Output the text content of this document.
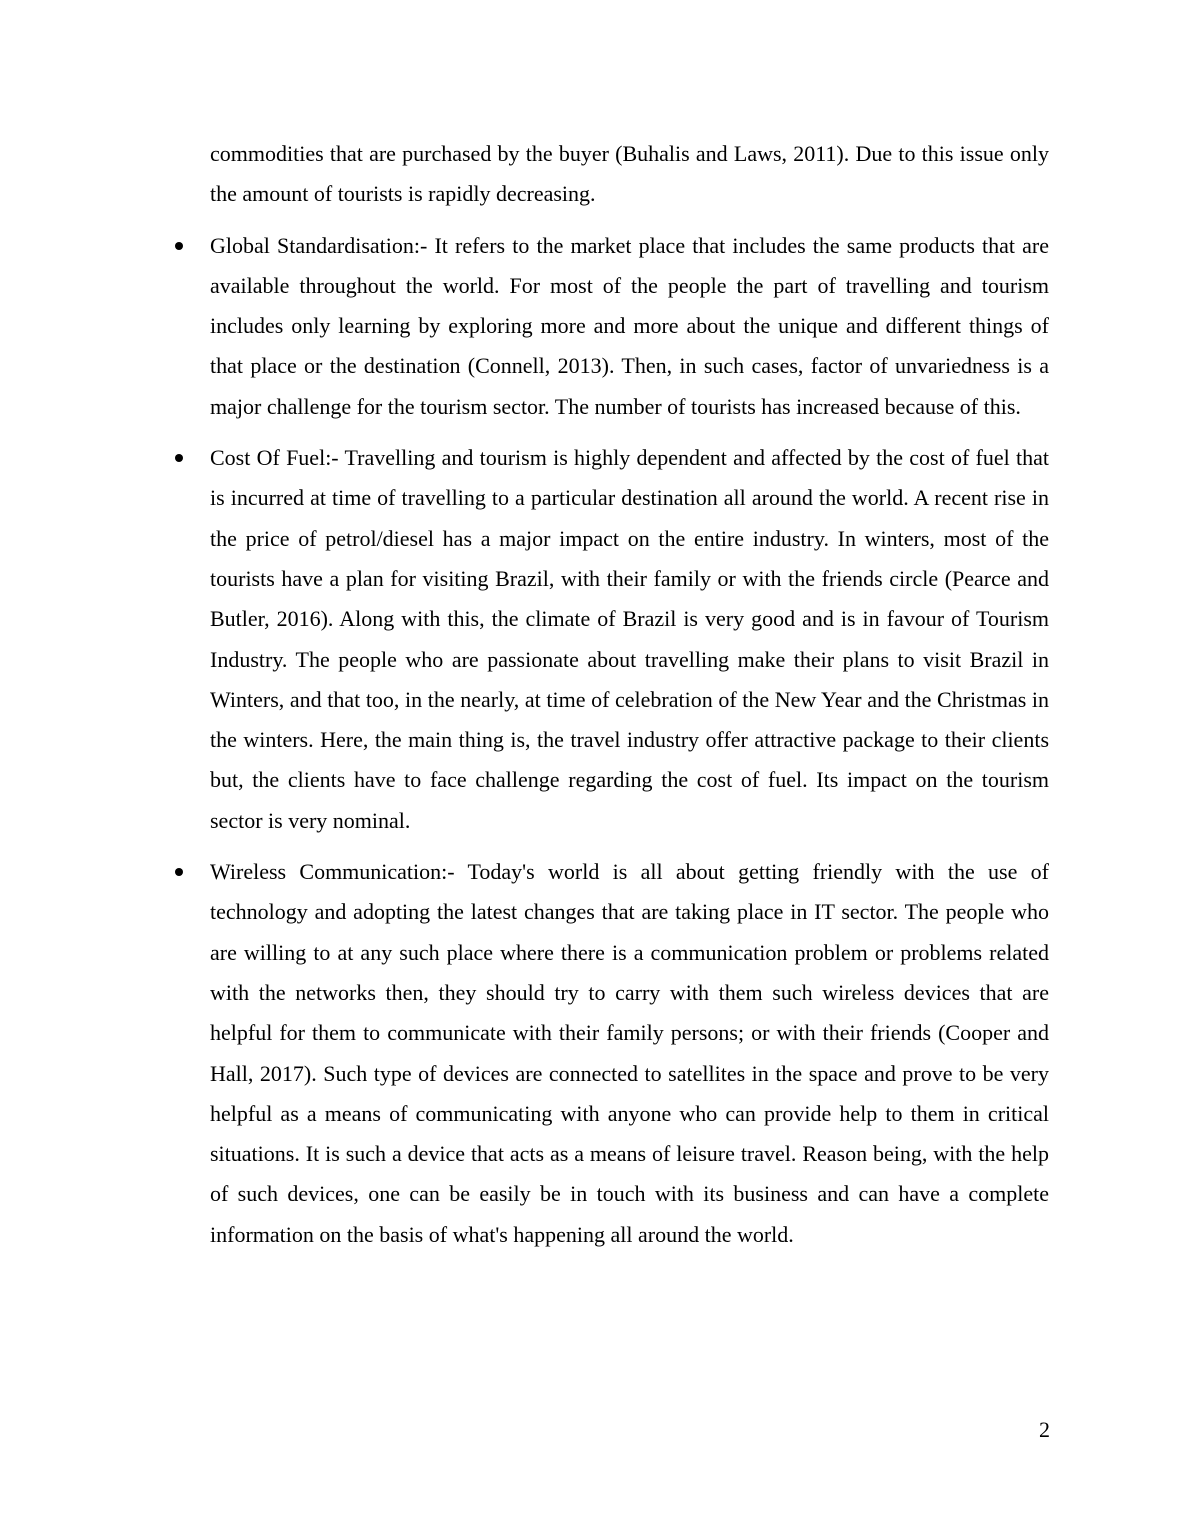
commodities that are purchased by the buyer (Buhalis and Laws, 2011). Due to this issue only the amount of tourists is rapidly decreasing.

Global Standardisation:- It refers to the market place that includes the same products that are available throughout the world. For most of the people the part of travelling and tourism includes only learning by exploring more and more about the unique and different things of that place or the destination (Connell, 2013). Then, in such cases, factor of unvariedness is a major challenge for the tourism sector. The number of tourists has increased because of this.
Cost Of Fuel:- Travelling and tourism is highly dependent and affected by the cost of fuel that is incurred at time of travelling to a particular destination all around the world. A recent rise in the price of petrol/diesel has a major impact on the entire industry. In winters, most of the tourists have a plan for visiting Brazil, with their family or with the friends circle (Pearce and Butler, 2016). Along with this, the climate of Brazil is very good and is in favour of Tourism Industry. The people who are passionate about travelling make their plans to visit Brazil in Winters, and that too, in the nearly, at time of celebration of the New Year and the Christmas in the winters. Here, the main thing is, the travel industry offer attractive package to their clients but, the clients have to face challenge regarding the cost of fuel. Its impact on the tourism sector is very nominal.
Wireless Communication:- Today's world is all about getting friendly with the use of technology and adopting the latest changes that are taking place in IT sector. The people who are willing to at any such place where there is a communication problem or problems related with the networks then, they should try to carry with them such wireless devices that are helpful for them to communicate with their family persons; or with their friends (Cooper and Hall, 2017). Such type of devices are connected to satellites in the space and prove to be very helpful as a means of communicating with anyone who can provide help to them in critical situations. It is such a device that acts as a means of leisure travel. Reason being, with the help of such devices, one can be easily be in touch with its business and can have a complete information on the basis of what's happening all around the world.
2
